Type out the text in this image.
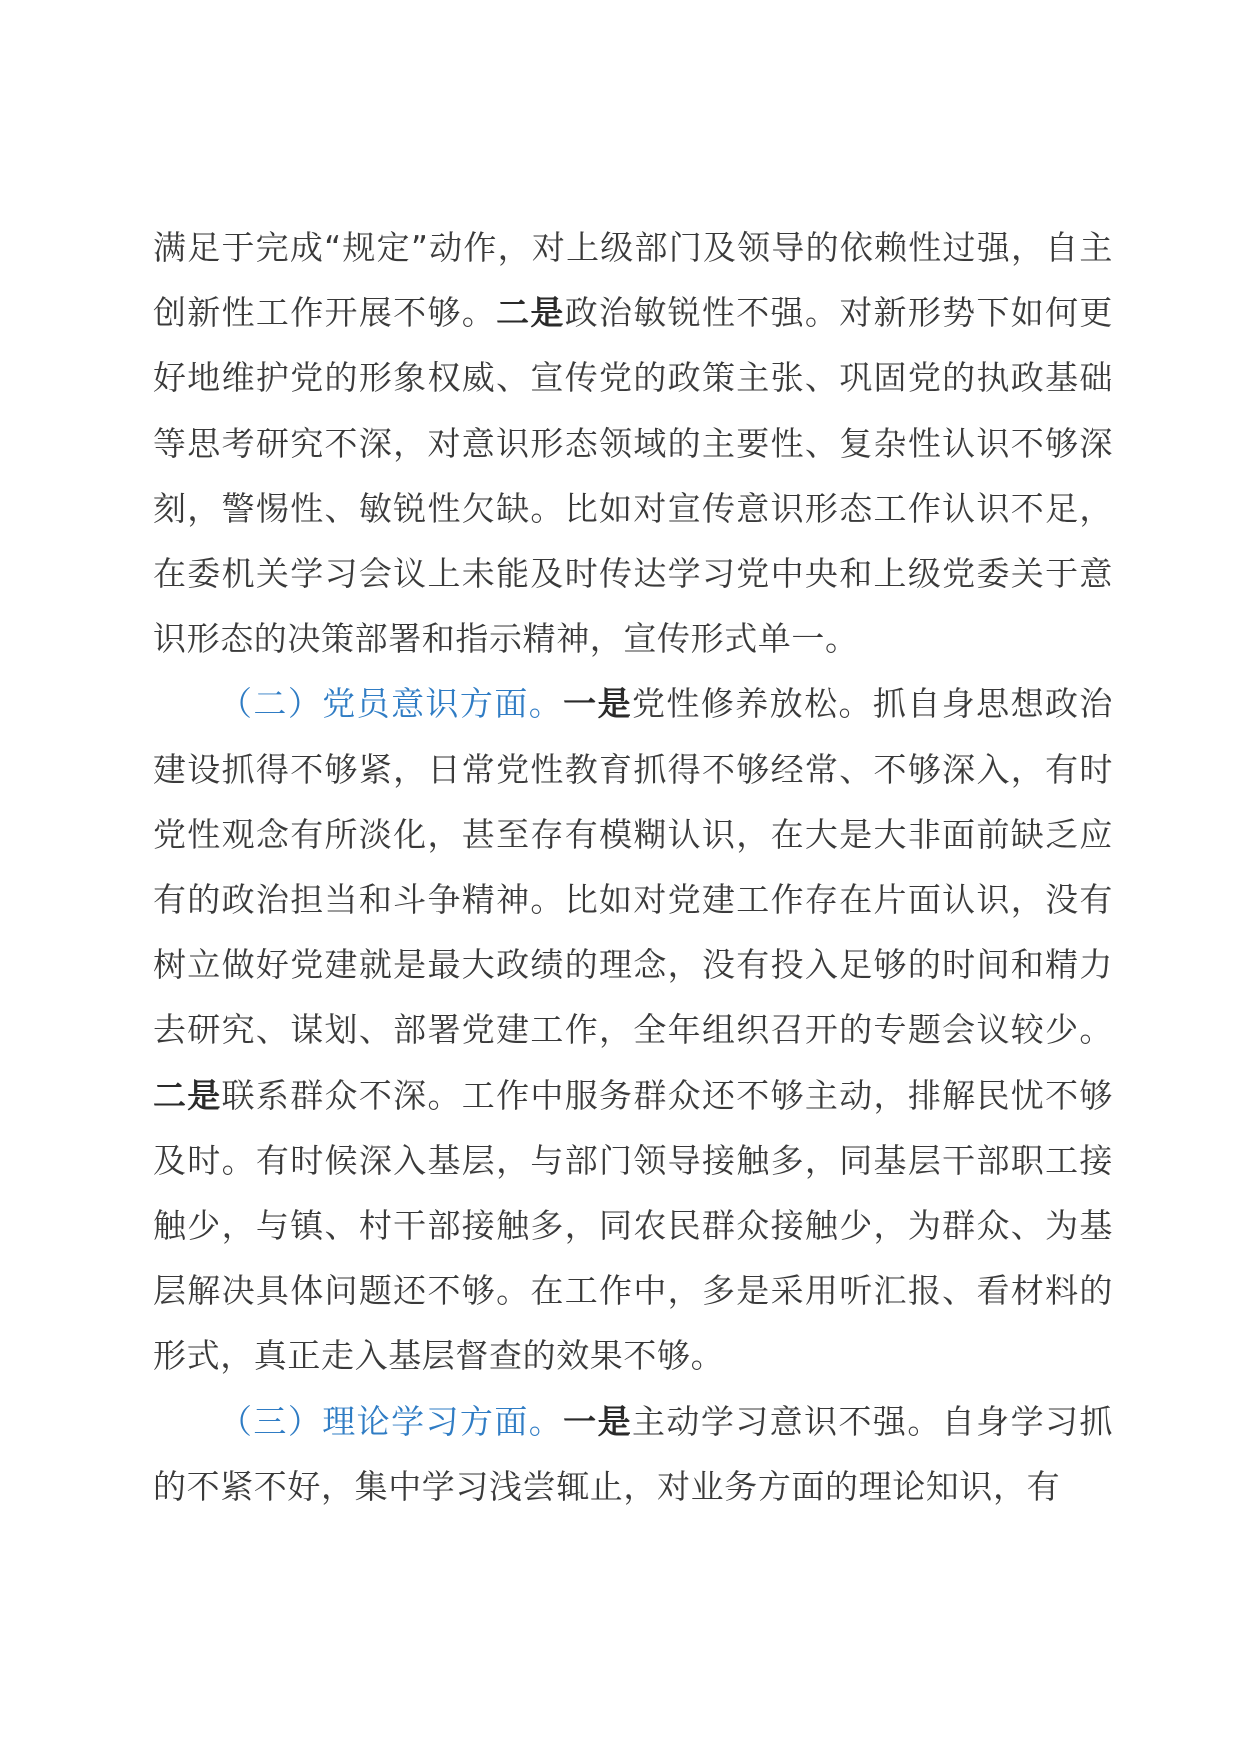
满足于完成“规定”动作，对上级部门及领导的依赖性过强，自主创新性工作开展不够。二是政治敏锐性不强。对新形势下如何更好地维护党的形象权威、宣传党的政策主张、巩固党的执政基础等思考研究不深，对意识形态领域的主要性、复杂性认识不够深刻，警惕性、敏锐性欠缺。比如对宣传意识形态工作认识不足，在委机关学习会议上未能及时传达学习党中央和上级党委关于意识形态的决策部署和指示精神，宣传形式单一。

（二）党员意识方面。一是党性修养放松。抓自身思想政治建设抓得不够紧，日常党性教育抓得不够经常、不够深入，有时党性观念有所淡化，甚至存有模糊认识，在大是大非面前缺乏应有的政治担当和斗争精神。比如对党建工作存在片面认识，没有树立做好党建就是最大政绩的理念，没有投入足够的时间和精力去研究、谋划、部署党建工作，全年组织召开的专题会议较少。二是联系群众不深。工作中服务群众还不够主动，排解民忧不够及时。有时候深入基层，与部门领导接触多，同基层干部职工接触少，与镇、村干部接触多，同农民群众接触少，为群众、为基层解决具体问题还不够。在工作中，多是采用听汇报、看材料的形式，真正走入基层督查的效果不够。

（三）理论学习方面。一是主动学习意识不强。自身学习抓的不紧不好，集中学习浅尝辄止，对业务方面的理论知识，有
